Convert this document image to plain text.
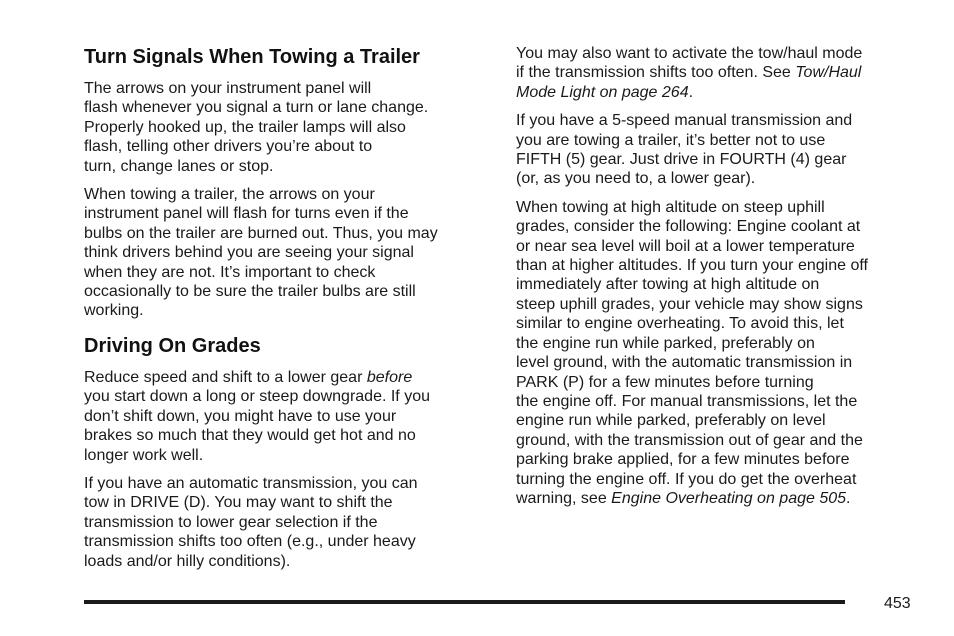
Turn Signals When Towing a Trailer
The arrows on your instrument panel will
flash whenever you signal a turn or lane change.
Properly hooked up, the trailer lamps will also
flash, telling other drivers you’re about to
turn, change lanes or stop.
When towing a trailer, the arrows on your
instrument panel will flash for turns even if the
bulbs on the trailer are burned out. Thus, you may
think drivers behind you are seeing your signal
when they are not. It’s important to check
occasionally to be sure the trailer bulbs are still
working.
Driving On Grades
Reduce speed and shift to a lower gear before
you start down a long or steep downgrade. If you
don’t shift down, you might have to use your
brakes so much that they would get hot and no
longer work well.
If you have an automatic transmission, you can
tow in DRIVE (D). You may want to shift the
transmission to lower gear selection if the
transmission shifts too often (e.g., under heavy
loads and/or hilly conditions).
You may also want to activate the tow/haul mode
if the transmission shifts too often. See Tow/Haul
Mode Light on page 264.
If you have a 5-speed manual transmission and
you are towing a trailer, it’s better not to use
FIFTH (5) gear. Just drive in FOURTH (4) gear
(or, as you need to, a lower gear).
When towing at high altitude on steep uphill
grades, consider the following: Engine coolant at
or near sea level will boil at a lower temperature
than at higher altitudes. If you turn your engine off
immediately after towing at high altitude on
steep uphill grades, your vehicle may show signs
similar to engine overheating. To avoid this, let
the engine run while parked, preferably on
level ground, with the automatic transmission in
PARK (P) for a few minutes before turning
the engine off. For manual transmissions, let the
engine run while parked, preferably on level
ground, with the transmission out of gear and the
parking brake applied, for a few minutes before
turning the engine off. If you do get the overheat
warning, see Engine Overheating on page 505.
453
